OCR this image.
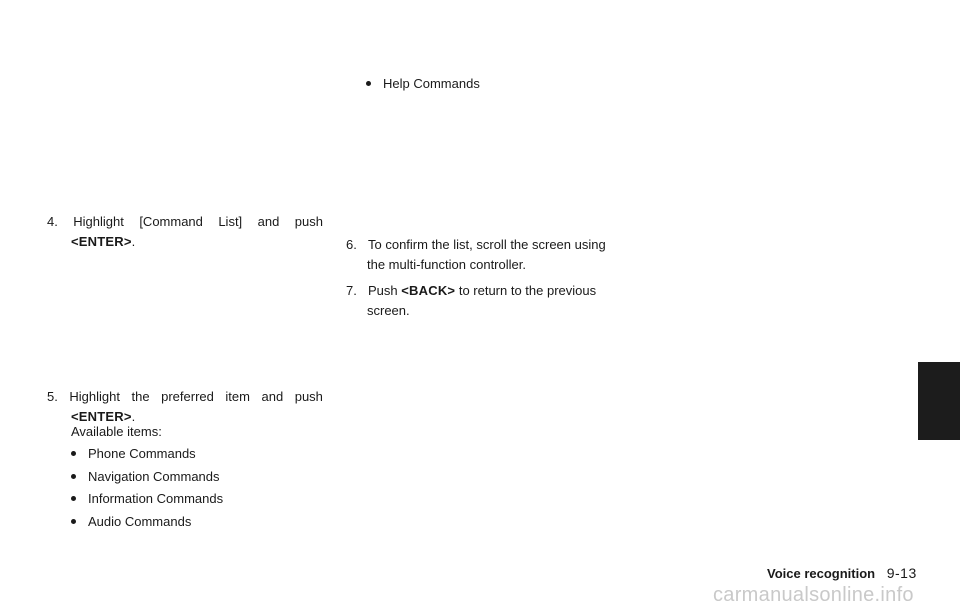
Help Commands
4. Highlight [Command List] and push
<ENTER>.	6. To confirm the list, scroll the screen using
the multi-function controller.
7. Push <BACK> to return to the previous
screen.
5. Highlight the preferred item and push
<ENTER>.
Available items:
Phone Commands
Navigation Commands
Information Commands
Audio Commands
Voice recognition 9-13
carmanualsonline.info
